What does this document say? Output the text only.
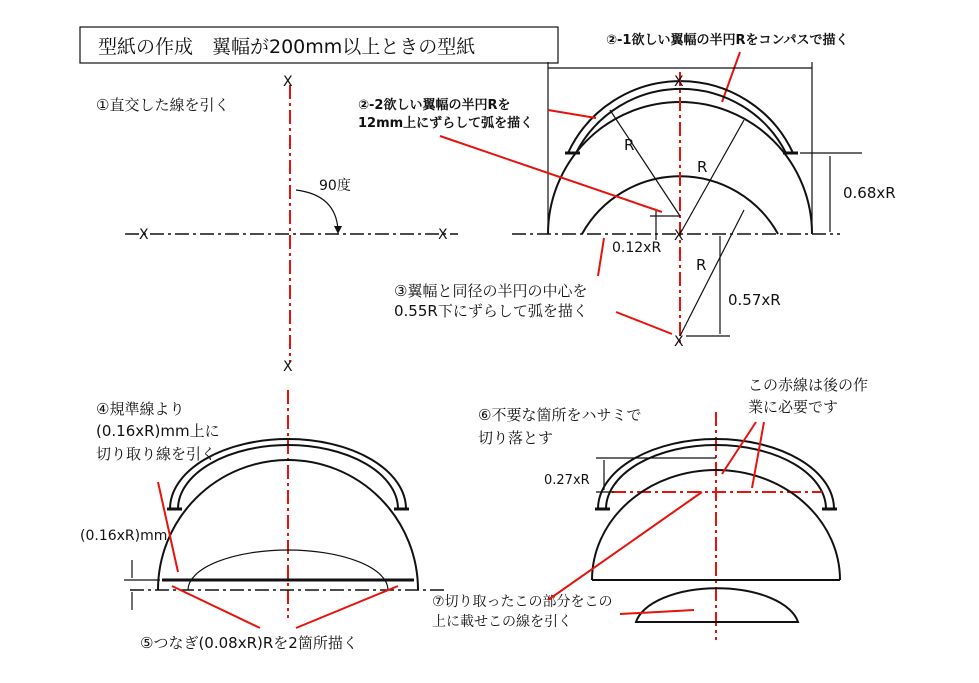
型紙の作成　翼幅が200mm以上ときの型紙
①直交した線を引く
X
X
X	X
90度
②-1欲しい翼幅の半円Rをコンパスで描く
X
X
X
R
R
R
0.68xR
0.12xR
0.57xR
②-2欲しい翼幅の半円Rを
12mm上にずらして弧を描く
③翼幅と同径の半円の中心を
0.55R下にずらして弧を描く
(0.16xR)mm
④規準線より
(0.16xR)mm上に
切り取り線を引く
⑤つなぎ(0.08xR)Rを2箇所描く
0.27xR
⑥不要な箇所をハサミで
切り落とす
この赤線は後の作
業に必要です
⑦切り取ったこの部分をこの
上に載せこの線を引く
